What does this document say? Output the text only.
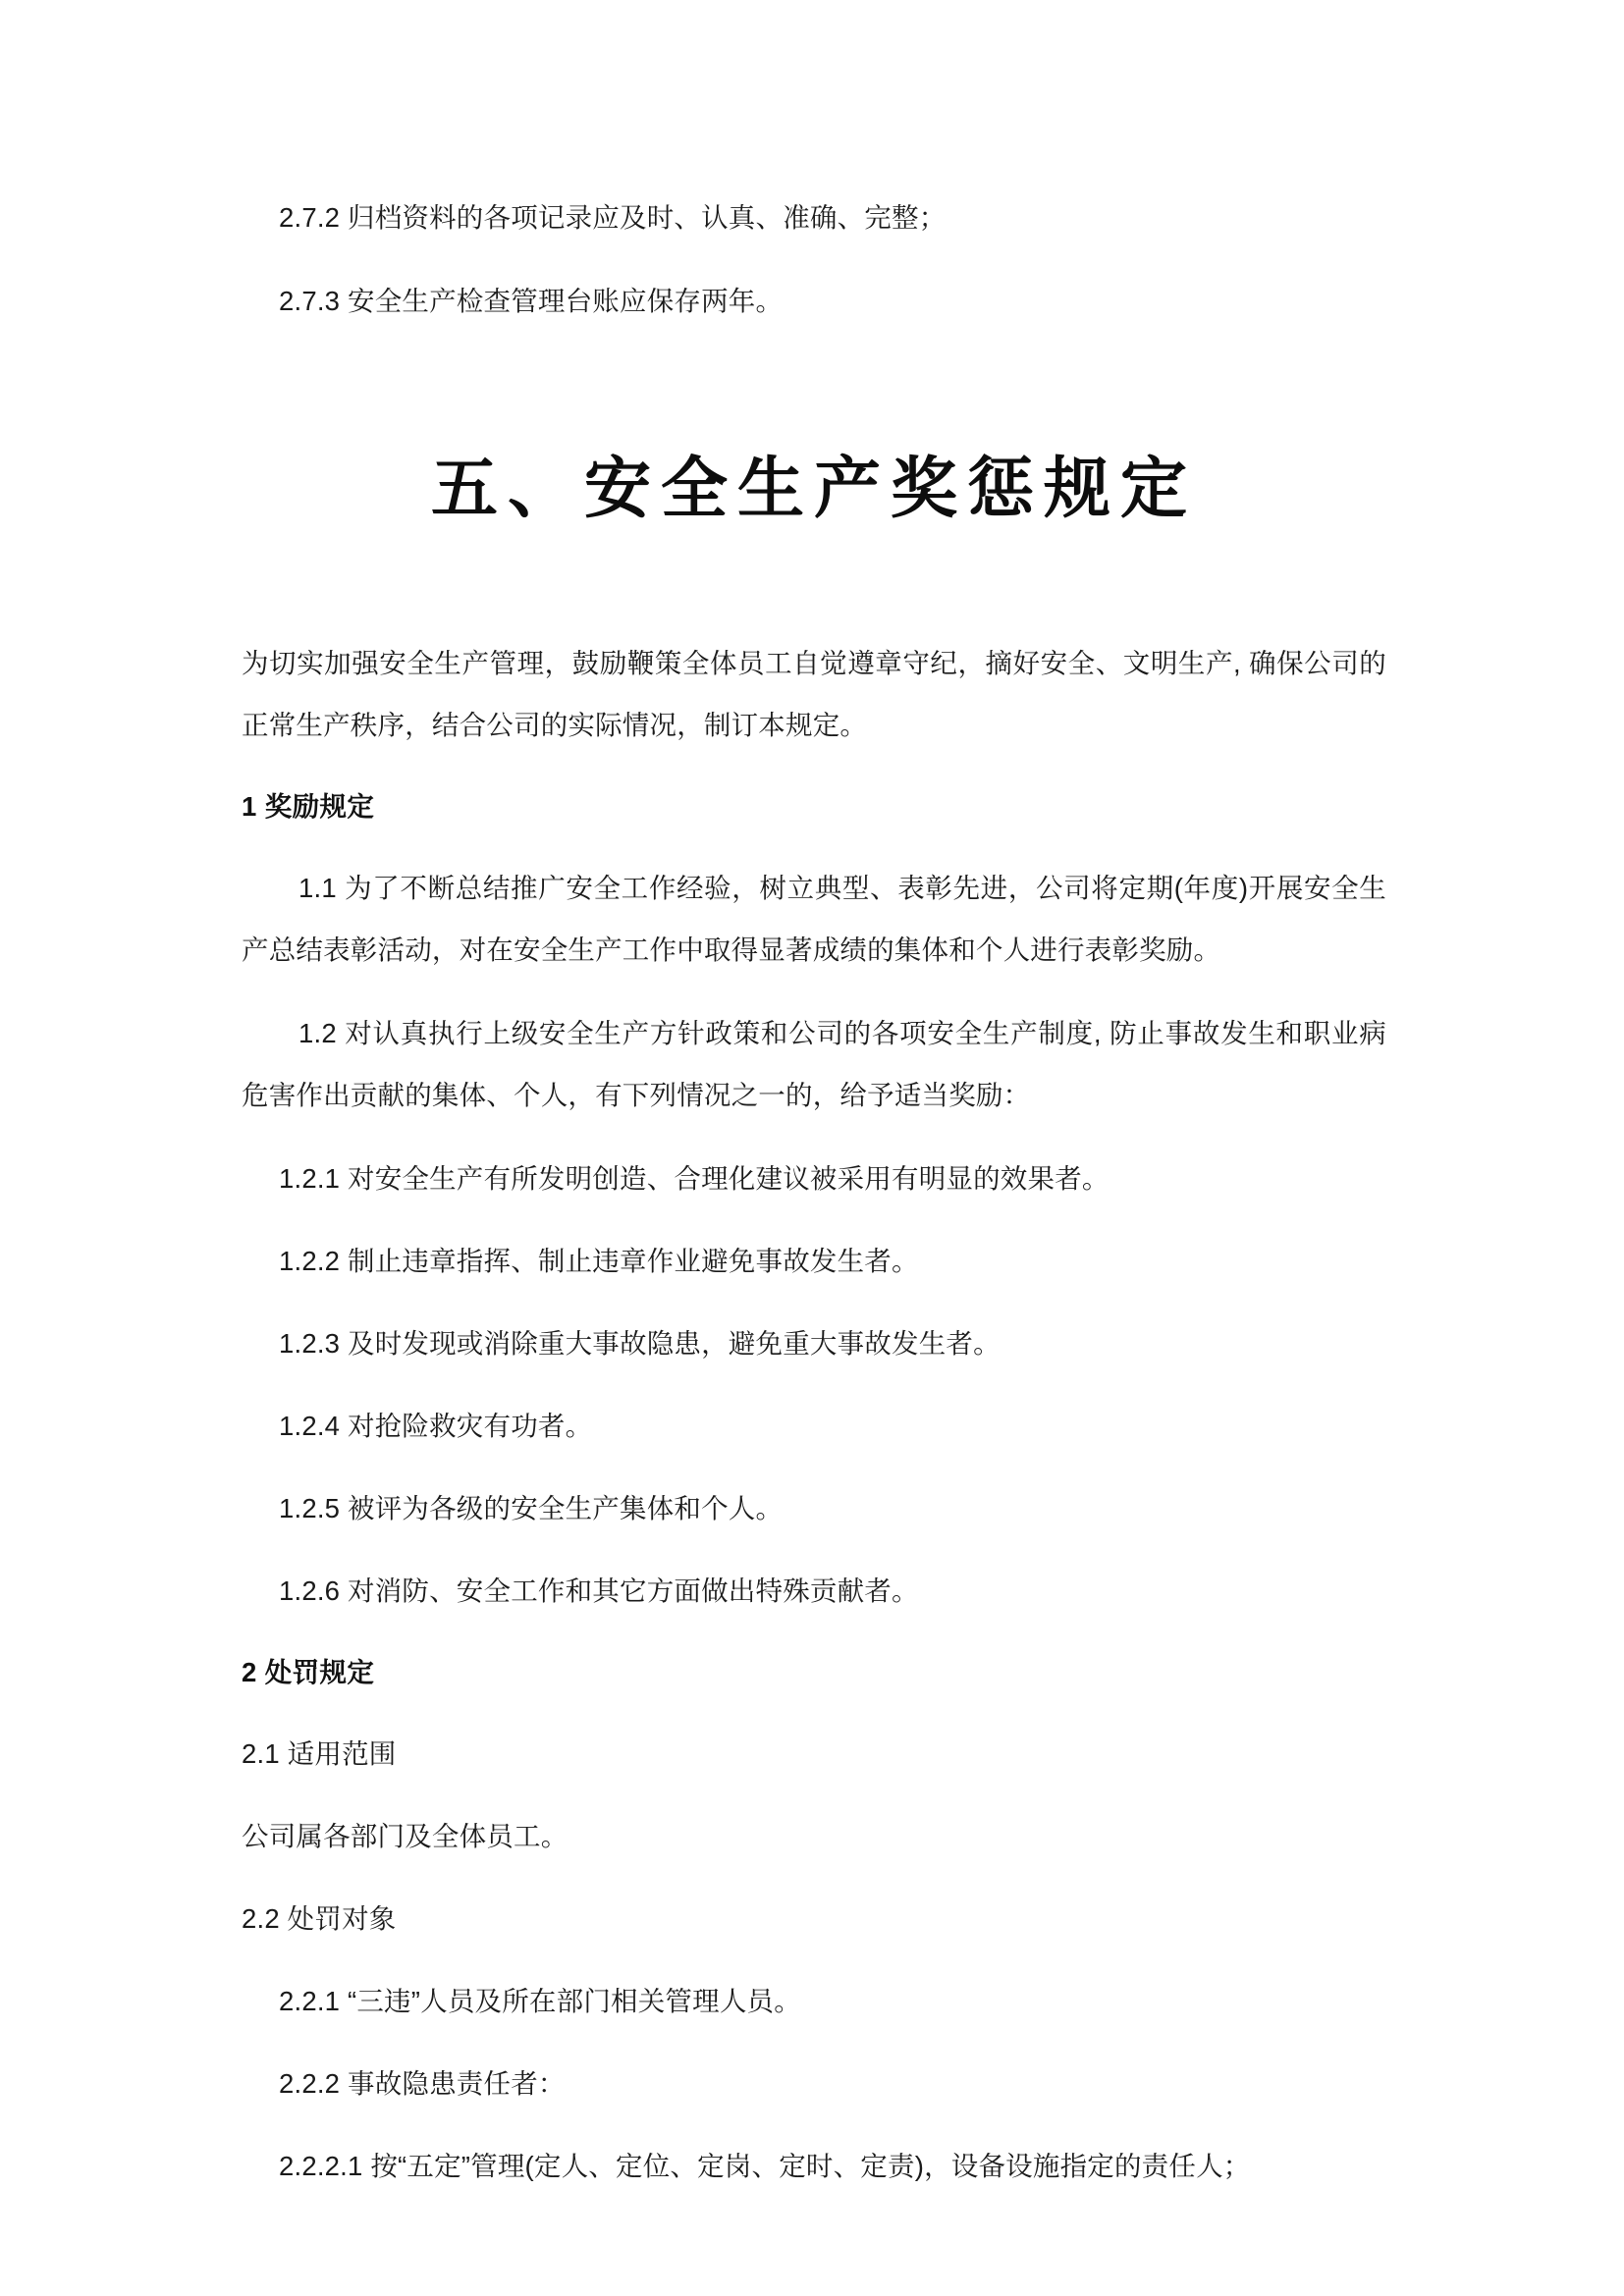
2.7.2 归档资料的各项记录应及时、认真、准确、完整；

2.7.3 安全生产检查管理台账应保存两年。

五、安全生产奖惩规定

为切实加强安全生产管理，鼓励鞭策全体员工自觉遵章守纪，摘好安全、文明生产, 确保公司的正常生产秩序，结合公司的实际情况，制订本规定。

1 奖励规定

1.1 为了不断总结推广安全工作经验，树立典型、表彰先进，公司将定期(年度)开展安全生产总结表彰活动，对在安全生产工作中取得显著成绩的集体和个人进行表彰奖励。

1.2 对认真执行上级安全生产方针政策和公司的各项安全生产制度, 防止事故发生和职业病危害作出贡献的集体、个人，有下列情况之一的，给予适当奖励：

1.2.1 对安全生产有所发明创造、合理化建议被采用有明显的效果者。

1.2.2 制止违章指挥、制止违章作业避免事故发生者。

1.2.3 及时发现或消除重大事故隐患，避免重大事故发生者。

1.2.4 对抢险救灾有功者。

1.2.5 被评为各级的安全生产集体和个人。

1.2.6 对消防、安全工作和其它方面做出特殊贡献者。

2 处罚规定

2.1 适用范围

公司属各部门及全体员工。

2.2 处罚对象

2.2.1 “三违”人员及所在部门相关管理人员。

2.2.2 事故隐患责任者：

2.2.2.1 按“五定”管理(定人、定位、定岗、定时、定责)，设备设施指定的责任人；
